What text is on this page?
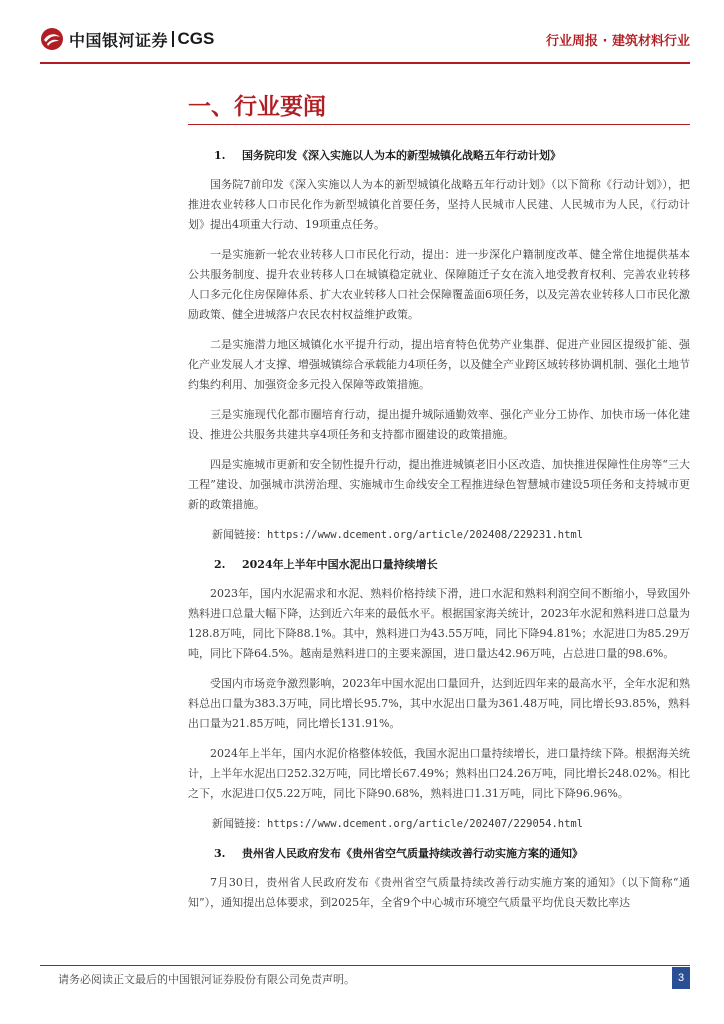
中国银河证券 CGS	行业周报 · 建筑材料行业
一、行业要闻
1. 国务院印发《深入实施以人为本的新型城镇化战略五年行动计划》

国务院7前印发《深入实施以人为本的新型城镇化战略五年行动计划》（以下简称《行动计划》），把推进农业转移人口市民化作为新型城镇化首要任务，坚持人民城市人民建、人民城市为人民，《行动计划》提出4项重大行动、19项重点任务。

一是实施新一轮农业转移人口市民化行动，提出：进一步深化户籍制度改革、健全常住地提供基本公共服务制度、提升农业转移人口在城镇稳定就业、保障随迁子女在流入地受教育权利、完善农业转移人口多元化住房保障体系、扩大农业转移人口社会保障覆盖面6项任务，以及完善农业转移人口市民化激励政策、健全进城落户农民农村权益维护政策。

二是实施潜力地区城镇化水平提升行动，提出培育特色优势产业集群、促进产业园区提级扩能、强化产业发展人才支撑、增强城镇综合承载能力4项任务，以及健全产业跨区域转移协调机制、强化土地节约集约利用、加强资金多元投入保障等政策措施。

三是实施现代化都市圈培育行动，提出提升城际通勤效率、强化产业分工协作、加快市场一体化建设、推进公共服务共建共享4项任务和支持都市圈建设的政策措施。

四是实施城市更新和安全韧性提升行动，提出推进城镇老旧小区改造、加快推进保障性住房等“三大工程”建设、加强城市洪涝治理、实施城市生命线安全工程推进绿色智慧城市建设5项任务和支持城市更新的政策措施。

新闻链接：https://www.dcement.org/article/202408/229231.html
2. 2024年上半年中国水泥出口量持续增长

2023年，国内水泥需求和水泥、熟料价格持续下滑，进口水泥和熟料利润空间不断缩小，导致国外熟料进口总量大幅下降，达到近六年来的最低水平。根据国家海关统计，2023年水泥和熟料进口总量为128.8万吨，同比下降88.1%。其中，熟料进口为43.55万吨，同比下降94.81%；水泥进口为85.29万吨，同比下降64.5%。越南是熟料进口的主要来源国，进口量达42.96万吨，占总进口量的98.6%。

受国内市场竞争激烈影响，2023年中国水泥出口量回升，达到近四年来的最高水平，全年水泥和熟料总出口量为383.3万吨，同比增长95.7%，其中水泥出口量为361.48万吨，同比增长93.85%，熟料出口量为21.85万吨，同比增长131.91%。

2024年上半年，国内水泥价格整体较低，我国水泥出口量持续增长，进口量持续下降。根据海关统计，上半年水泥出口252.32万吨，同比增长67.49%；熟料出口24.26万吨，同比增长248.02%。相比之下，水泥进口仅5.22万吨，同比下降90.68%，熟料进口1.31万吨，同比下降96.96%。

新闻链接：https://www.dcement.org/article/202407/229054.html
3. 贵州省人民政府发布《贵州省空气质量持续改善行动实施方案的通知》

7月30日，贵州省人民政府发布《贵州省空气质量持续改善行动实施方案的通知》（以下简称“通知”），通知提出总体要求，到2025年，全省9个中心城市环境空气质量平均优良天数比率达

请务必阅读正文最后的中国银河证券股份有限公司免责声明。	3
